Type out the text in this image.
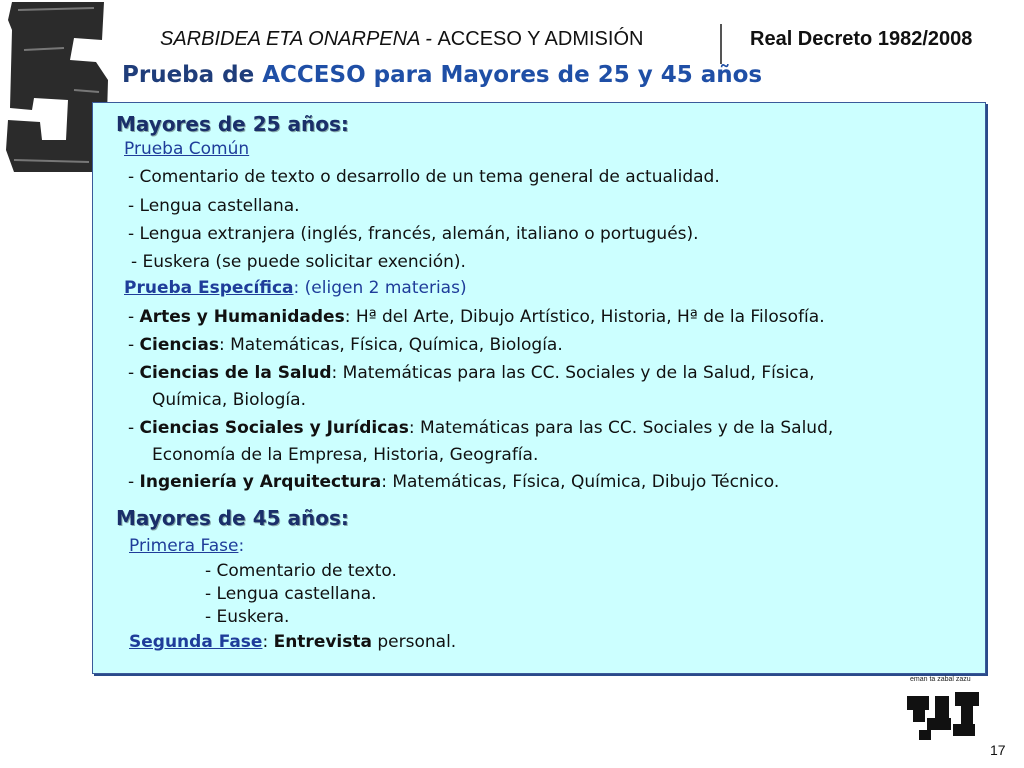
SARBIDEA ETA ONARPENA - ACCESO Y ADMISIÓN	Real Decreto 1982/2008
Prueba de ACCESO para Mayores de 25 y 45 años
Mayores de 25 años:
Prueba Común
- Comentario de texto o desarrollo de un tema general de actualidad.
- Lengua castellana.
- Lengua extranjera (inglés, francés, alemán, italiano o portugués).
- Euskera (se puede solicitar exención).
Prueba Específica: (eligen 2 materias)
- Artes y Humanidades: Hª del Arte, Dibujo Artístico, Historia, Hª de la Filosofía.
- Ciencias: Matemáticas, Física, Química, Biología.
- Ciencias de la Salud: Matemáticas para las CC. Sociales y de la Salud, Física,
Química, Biología.
- Ciencias Sociales y Jurídicas: Matemáticas para las CC. Sociales y de la Salud,
Economía de la Empresa, Historia, Geografía.
- Ingeniería y Arquitectura: Matemáticas, Física, Química, Dibujo Técnico.
Mayores de 45 años:
Primera Fase:
- Comentario de texto.
- Lengua castellana.
- Euskera.
Segunda Fase: Entrevista personal.
eman ta zabal zazu
17
